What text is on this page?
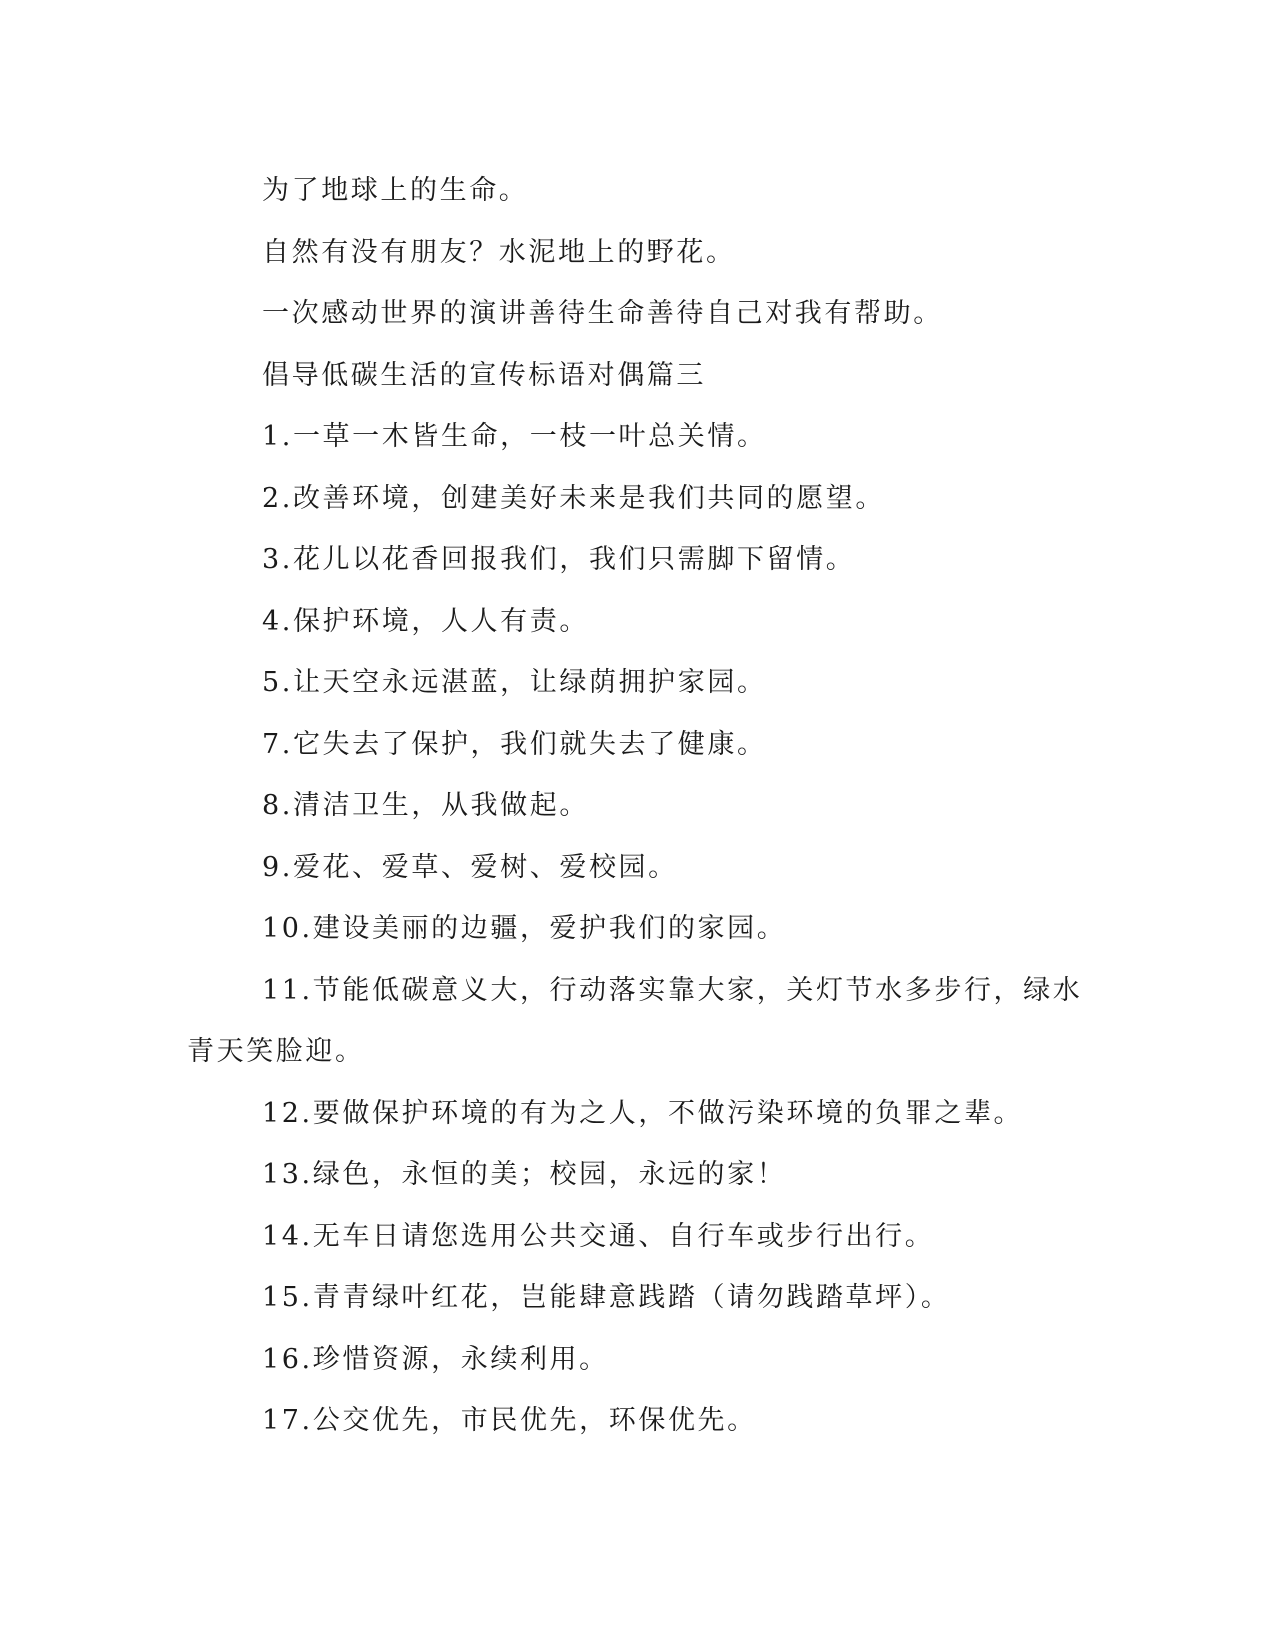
为了地球上的生命。

自然有没有朋友？水泥地上的野花。

一次感动世界的演讲善待生命善待自己对我有帮助。

倡导低碳生活的宣传标语对偶篇三

1.一草一木皆生命，一枝一叶总关情。

2.改善环境，创建美好未来是我们共同的愿望。

3.花儿以花香回报我们，我们只需脚下留情。

4.保护环境，人人有责。

5.让天空永远湛蓝，让绿荫拥护家园。

7.它失去了保护，我们就失去了健康。

8.清洁卫生，从我做起。

9.爱花、爱草、爱树、爱校园。

10.建设美丽的边疆，爱护我们的家园。

11.节能低碳意义大，行动落实靠大家，关灯节水多步行，绿水青天笑脸迎。

12.要做保护环境的有为之人，不做污染环境的负罪之辈。

13.绿色，永恒的美；校园，永远的家！

14.无车日请您选用公共交通、自行车或步行出行。

15.青青绿叶红花，岂能肆意践踏（请勿践踏草坪）。

16.珍惜资源，永续利用。

17.公交优先，市民优先，环保优先。
